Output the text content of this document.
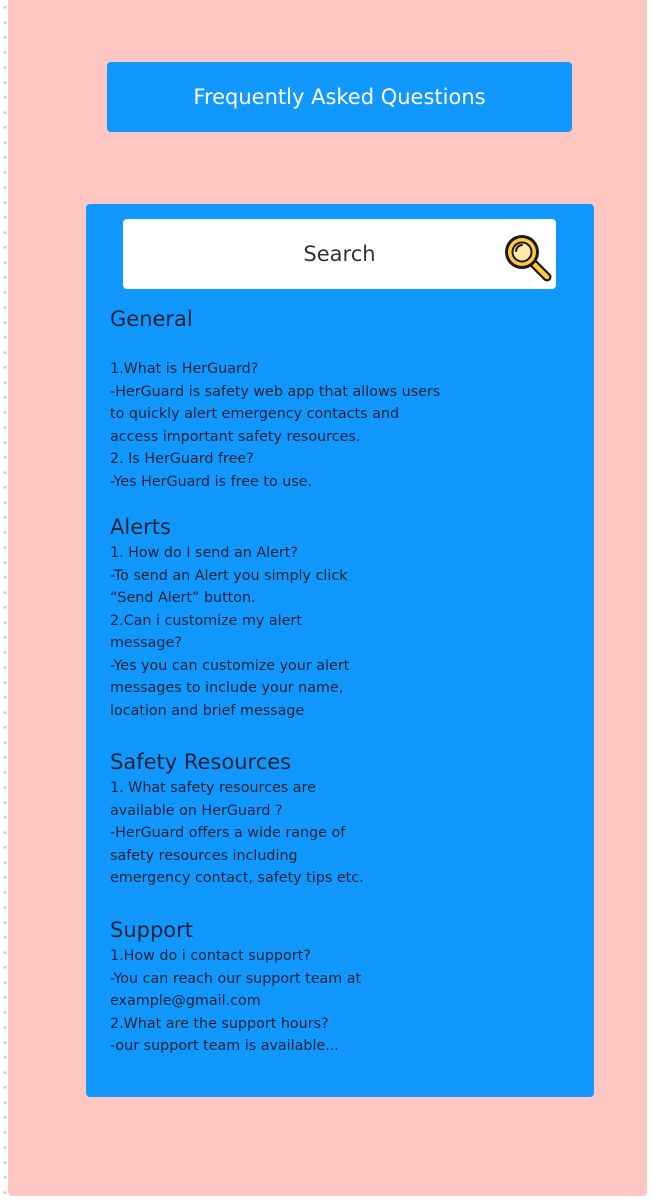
Frequently Asked Questions
Search
General

1.What is HerGuard?
-HerGuard is safety web app that allows users
to quickly alert emergency contacts and
access important safety resources.
2. Is HerGuard free?
-Yes HerGuard is free to use.

Alerts

1. How do I send an Alert?
-To send an Alert you simply click
“Send Alert” button.
2.Can i customize my alert
message?
-Yes you can customize your alert
messages to include your name,
location and brief message

Safety Resources

1. What safety resources are
available on HerGuard ?
-HerGuard offers a wide range of
safety resources including
emergency contact, safety tips etc.

Support

1.How do i contact support?
-You can reach our support team at
example@gmail.com
2.What are the support hours?
-our support team is available...
